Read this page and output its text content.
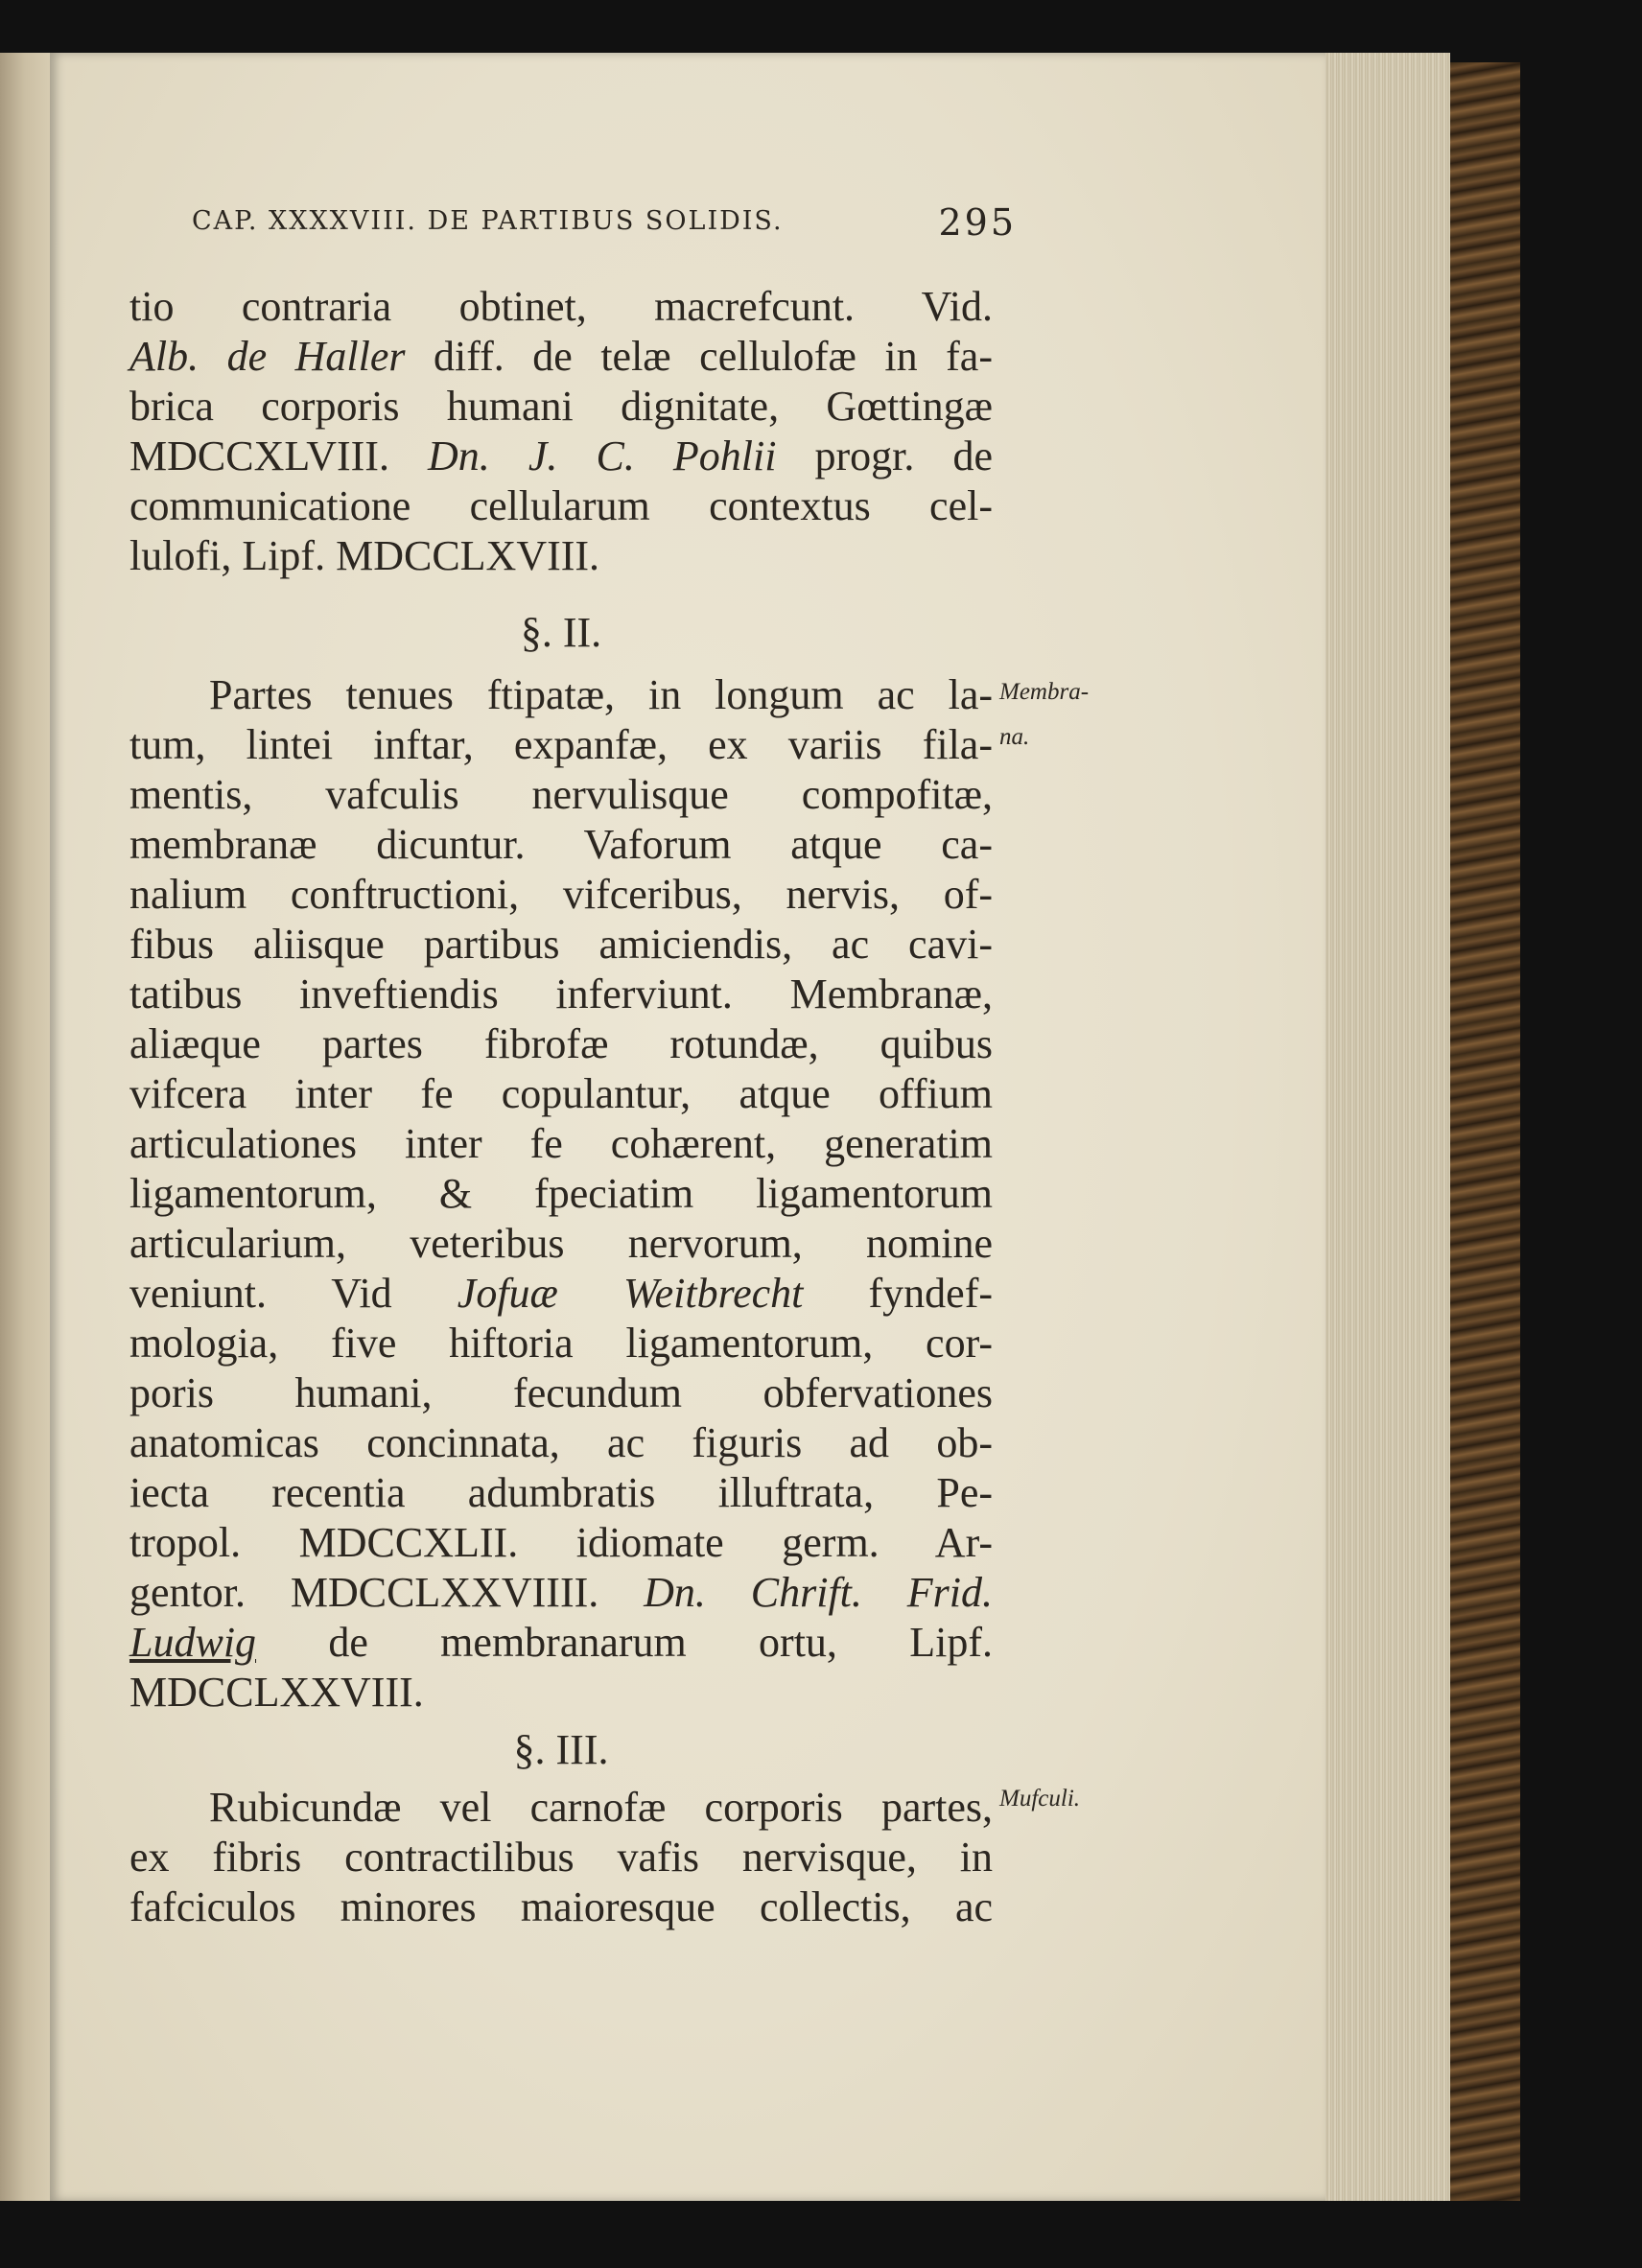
CAP. XXXXVIII. DE PARTIBUS SOLIDIS.	295
tio contraria obtinet, macrefcunt. Vid.
Alb. de Haller diff. de telæ cellulofæ in fa-
brica corporis humani dignitate, Gœttingæ
MDCCXLVIII. Dn. J. C. Pohlii progr. de
communicatione cellularum contextus cel-
lulofi, Lipf. MDCCLXVIII.
§. II.
Membra-
na.
Partes tenues ftipatæ, in longum ac la-
tum, lintei inftar, expanfæ, ex variis fila-
mentis, vafculis nervulisque compofitæ,
membranæ dicuntur. Vaforum atque ca-
nalium conftructioni, vifceribus, nervis, of-
fibus aliisque partibus amiciendis, ac cavi-
tatibus inveftiendis inferviunt. Membranæ,
aliæque partes fibrofæ rotundæ, quibus
vifcera inter fe copulantur, atque offium
articulationes inter fe cohærent, generatim
ligamentorum, & fpeciatim ligamentorum
articularium, veteribus nervorum, nomine
veniunt. Vid Jofuæ Weitbrecht fyndef-
mologia, five hiftoria ligamentorum, cor-
poris humani, fecundum obfervationes
anatomicas concinnata, ac figuris ad ob-
iecta recentia adumbratis illuftrata, Pe-
tropol. MDCCXLII. idiomate germ. Ar-
gentor. MDCCLXXVIIII. Dn. Chrift. Frid.
Ludwig de membranarum ortu, Lipf.
MDCCLXXVIII.
§. III.
Mufculi.
Rubicundæ vel carnofæ corporis partes,
ex fibris contractilibus vafis nervisque, in
fafciculos minores maioresque collectis, ac
